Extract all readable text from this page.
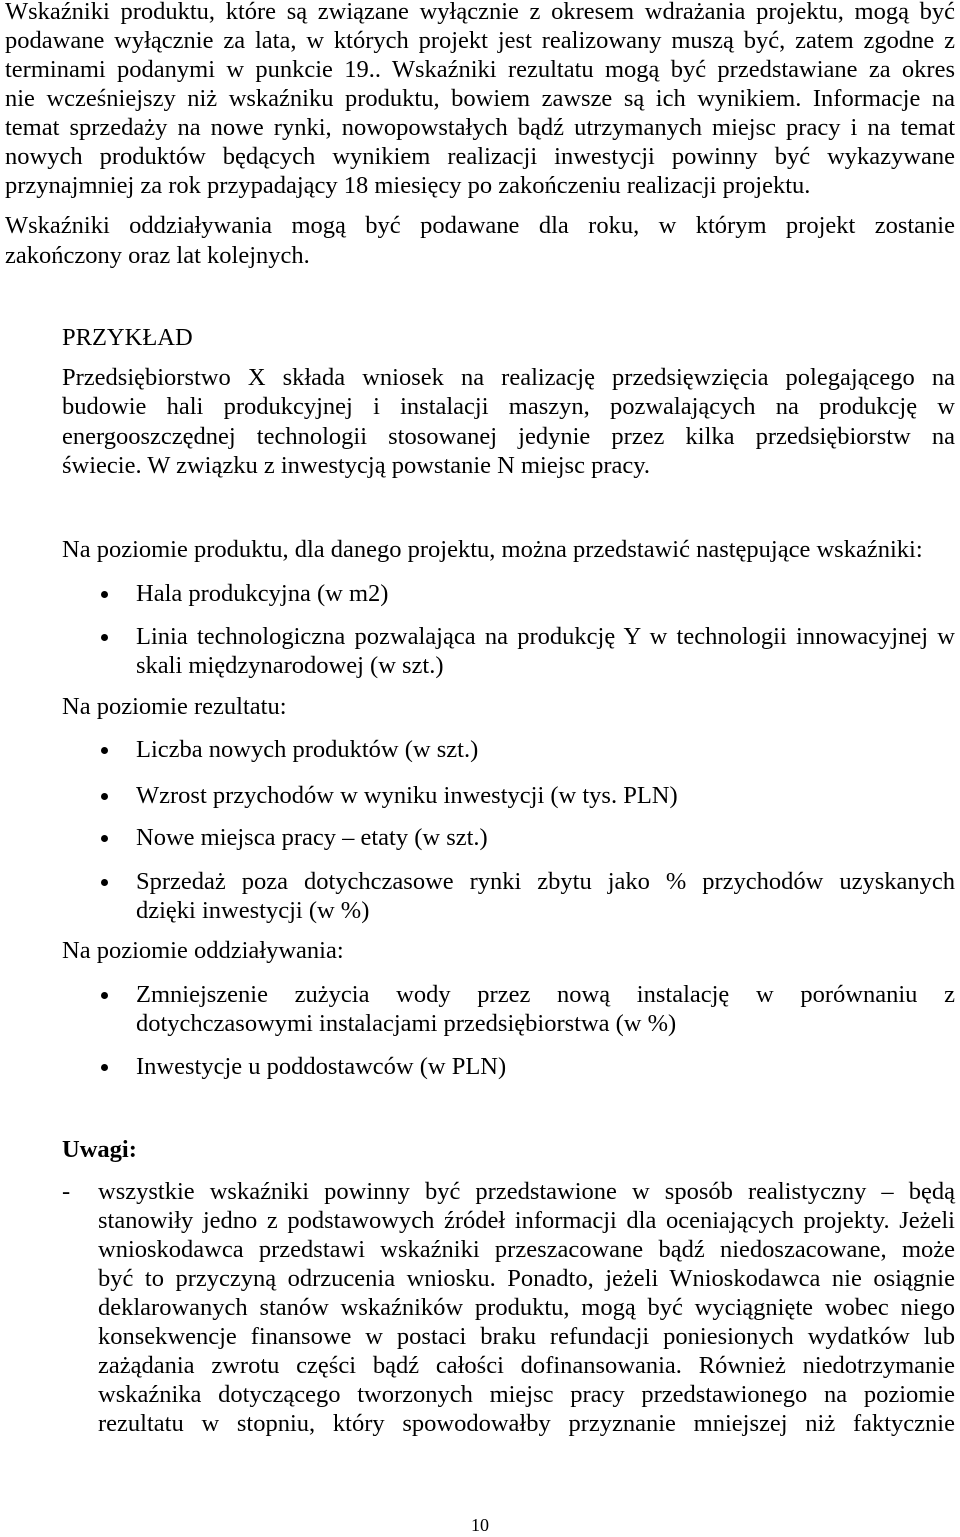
Wskaźniki produktu, które są związane wyłącznie z okresem wdrażania projektu, mogą być
podawane wyłącznie za lata, w których projekt jest realizowany muszą być, zatem zgodne z
terminami podanymi w punkcie 19.. Wskaźniki rezultatu mogą być przedstawiane za okres
nie wcześniejszy niż wskaźniku produktu, bowiem zawsze są ich wynikiem. Informacje na
temat sprzedaży na nowe rynki, nowopowstałych bądź utrzymanych miejsc pracy i na temat
nowych produktów będących wynikiem realizacji inwestycji powinny być wykazywane
przynajmniej za rok przypadający 18 miesięcy po zakończeniu realizacji projektu.
Wskaźniki oddziaływania mogą być podawane dla roku, w którym projekt zostanie
zakończony oraz lat kolejnych.
PRZYKŁAD
Przedsiębiorstwo X składa wniosek na realizację przedsięwzięcia polegającego na
budowie hali produkcyjnej i instalacji maszyn, pozwalających na produkcję w
energooszczędnej technologii stosowanej jedynie przez kilka przedsiębiorstw na
świecie. W związku z inwestycją powstanie N miejsc pracy.
Na poziomie produktu, dla danego projektu, można przedstawić następujące wskaźniki:
Hala produkcyjna (w m2)
Linia technologiczna pozwalająca na produkcję Y w technologii innowacyjnej w
skali międzynarodowej (w szt.)
Na poziomie rezultatu:
Liczba nowych produktów (w szt.)
Wzrost przychodów w wyniku inwestycji (w tys. PLN)
Nowe miejsca pracy – etaty (w szt.)
Sprzedaż poza dotychczasowe rynki zbytu jako % przychodów uzyskanych
dzięki inwestycji (w %)
Na poziomie oddziaływania:
Zmniejszenie zużycia wody przez nową instalację w porównaniu z
dotychczasowymi instalacjami przedsiębiorstwa (w %)
Inwestycje u poddostawców (w PLN)
Uwagi:
-	wszystkie wskaźniki powinny być przedstawione w sposób realistyczny – będą
stanowiły jedno z podstawowych źródeł informacji dla oceniających projekty. Jeżeli
wnioskodawca przedstawi wskaźniki przeszacowane bądź niedoszacowane, może
być to przyczyną odrzucenia wniosku. Ponadto, jeżeli Wnioskodawca nie osiągnie
deklarowanych stanów wskaźników produktu, mogą być wyciągnięte wobec niego
konsekwencje finansowe w postaci braku refundacji poniesionych wydatków lub
zażądania zwrotu części bądź całości dofinansowania. Również niedotrzymanie
wskaźnika dotyczącego tworzonych miejsc pracy przedstawionego na poziomie
rezultatu w stopniu, który spowodowałby przyznanie mniejszej niż faktycznie
10
